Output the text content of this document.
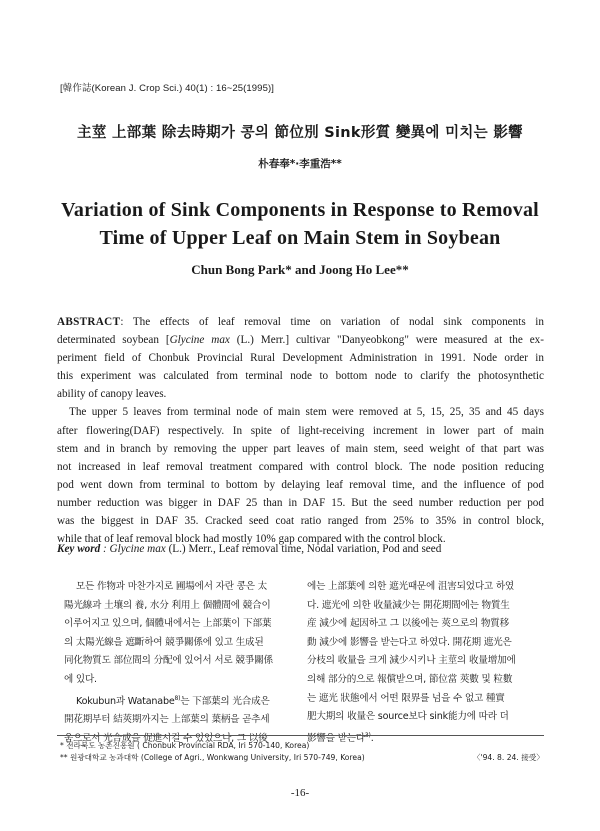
[韓作誌(Korean J. Crop Sci.) 40(1) : 16~25(1995)]
主莖 上部葉 除去時期가 콩의 節位別 Sink形質 變異에 미치는 影響
朴春奉*·李重浩**
Variation of Sink Components in Response to Removal
Time of Upper Leaf on Main Stem in Soybean
Chun Bong Park* and Joong Ho Lee**
ABSTRACT: The effects of leaf removal time on variation of nodal sink components in
determinated soybean [Glycine max (L.) Merr.] cultivar "Danyeobkong" were measured at the ex-
periment field of Chonbuk Provincial Rural Development Administration in 1991. Node order in
this experiment was calculated from terminal node to bottom node to clarify the photosynthetic
ability of canopy leaves.
The upper 5 leaves from terminal node of main stem were removed at 5, 15, 25, 35 and 45 days
after flowering(DAF) respectively. In spite of light-receiving increment in lower part of main
stem and in branch by removing the upper part leaves of main stem, seed weight of that part was
not increased in leaf removal treatment compared with control block. The node position reducing
pod went down from terminal to bottom by delaying leaf removal time, and the influence of pod
number reduction was bigger in DAF 25 than in DAF 15. But the seed number reduction per pod
was the biggest in DAF 35. Cracked seed coat ratio ranged from 25% to 35% in control block,
while that of leaf removal block had mostly 10% gap compared with the control block.
Key word : Glycine max (L.) Merr., Leaf removal time, Nodal variation, Pod and seed
모든 作物과 마찬가지로 圃場에서 자란 콩은 太
陽光線과 土壤의 養, 水分 利用上 個體間에 競合이
이루어지고 있으며, 個體내에서는 上部葉이 下部葉
의 太陽光線을 遮斷하여 競爭關係에 있고 生成된
同化物質도 部位間의 分配에 있어서 서로 競爭關係
에 있다.
Kokubun과 Watanabe$^{8)}$는 下部葉의 光合成은
開花期부터 結莢期까지는 上部葉의 葉柄을 곧추세
움으로서 光合成을 促進시킬 수 있었으나, 그 以後
에는 上部葉에 의한 遮光때문에 沮害되었다고 하였
다. 遮光에 의한 收量減少는 開花期間에는 物質生
産 減少에 起因하고 그 以後에는 莢으로의 物質移
動 減少에 影響을 받는다고 하였다. 開花期 遮光은
分枝의 收量을 크게 減少시키나 主莖의 收量增加에
의해 部分的으로 報償받으며, 節位當 莢數 및 粒數
는 遮光 狀態에서 어떤 限界를 넘을 수 없고 種實
肥大期의 收量은 source보다 sink能力에 따라 더
影響을 받는다$^{3)}$.
* 전라북도 농촌진흥원 ( Chonbuk Provincial RDA, Iri 570-140, Korea)
** 원광대학교 농과대학 (College of Agri., Wonkwang University, Iri 570-749, Korea)	〈'94. 8. 24. 接受〉
-16-
